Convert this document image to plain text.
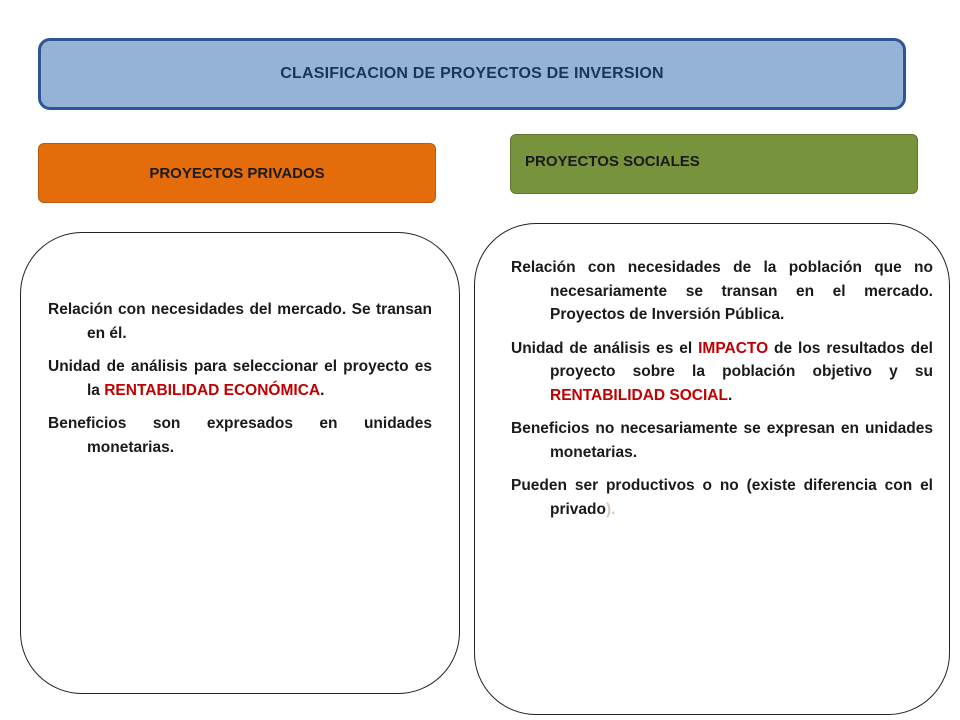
CLASIFICACION DE PROYECTOS DE INVERSION
PROYECTOS PRIVADOS
PROYECTOS SOCIALES

Relación con necesidades del mercado. Se transan en él.

Unidad de análisis para seleccionar el proyecto es la RENTABILIDAD ECONÓMICA.

Beneficios son expresados en unidades monetarias.

Relación con necesidades de la población que no necesariamente se transan en el mercado. Proyectos de Inversión Pública.

Unidad de análisis es el IMPACTO de los resultados del proyecto sobre la población objetivo y su RENTABILIDAD SOCIAL.

Beneficios no necesariamente se expresan en unidades monetarias.

Pueden ser productivos o no (existe diferencia con el privado).
